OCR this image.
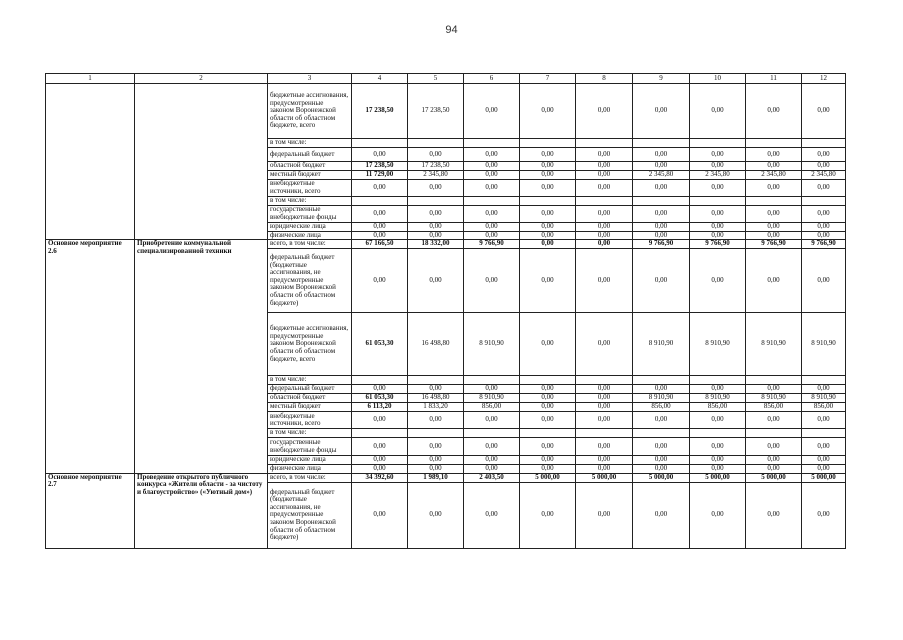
94
1	2	3	4	5	6	7	8	9	10	11	12
		бюджетные ассигнования, предусмотренные законом Воронежской области об областном бюджете, всего	17 238,50	17 238,50	0,00	0,00	0,00	0,00	0,00	0,00	0,00
		в том числе:									
		федеральный бюджет	0,00	0,00	0,00	0,00	0,00	0,00	0,00	0,00	0,00
		областной бюджет	17 238,50	17 238,50	0,00	0,00	0,00	0,00	0,00	0,00	0,00
		местный бюджет	11 729,00	2 345,80	0,00	0,00	0,00	2 345,80	2 345,80	2 345,80	2 345,80
		внебюджетные источники, всего	0,00	0,00	0,00	0,00	0,00	0,00	0,00	0,00	0,00
		в том числе:									
		государственные внебюджетные фонды	0,00	0,00	0,00	0,00	0,00	0,00	0,00	0,00	0,00
		юридические лица	0,00	0,00	0,00	0,00	0,00	0,00	0,00	0,00	0,00
		физические лица	0,00	0,00	0,00	0,00	0,00	0,00	0,00	0,00	0,00
Основное мероприятие 2.6	Приобретение коммунальной специализированной техники	всего, в том числе:	67 166,50	18 332,00	9 766,90	0,00	0,00	9 766,90	9 766,90	9 766,90	9 766,90
		федеральный бюджет (бюджетные ассигнования, не предусмотренные законом Воронежской области об областном бюджете)	0,00	0,00	0,00	0,00	0,00	0,00	0,00	0,00	0,00
		бюджетные ассигнования, предусмотренные законом Воронежской области об областном бюджете, всего	61 053,30	16 498,80	8 910,90	0,00	0,00	8 910,90	8 910,90	8 910,90	8 910,90
		в том числе:									
		федеральный бюджет	0,00	0,00	0,00	0,00	0,00	0,00	0,00	0,00	0,00
		областной бюджет	61 053,30	16 498,80	8 910,90	0,00	0,00	8 910,90	8 910,90	8 910,90	8 910,90
		местный бюджет	6 113,20	1 833,20	856,00	0,00	0,00	856,00	856,00	856,00	856,00
		внебюджетные источники, всего	0,00	0,00	0,00	0,00	0,00	0,00	0,00	0,00	0,00
		в том числе:									
		государственные внебюджетные фонды	0,00	0,00	0,00	0,00	0,00	0,00	0,00	0,00	0,00
		юридические лица	0,00	0,00	0,00	0,00	0,00	0,00	0,00	0,00	0,00
		физические лица	0,00	0,00	0,00	0,00	0,00	0,00	0,00	0,00	0,00
Основное мероприятие 2.7	Проведение открытого публичного конкурса «Жители области - за чистоту и благоустройство» («Уютный дом»)	всего, в том числе:	34 392,60	1 989,10	2 403,50	5 000,00	5 000,00	5 000,00	5 000,00	5 000,00	5 000,00
		федеральный бюджет (бюджетные ассигнования, не предусмотренные законом Воронежской области об областном бюджете)	0,00	0,00	0,00	0,00	0,00	0,00	0,00	0,00	0,00
